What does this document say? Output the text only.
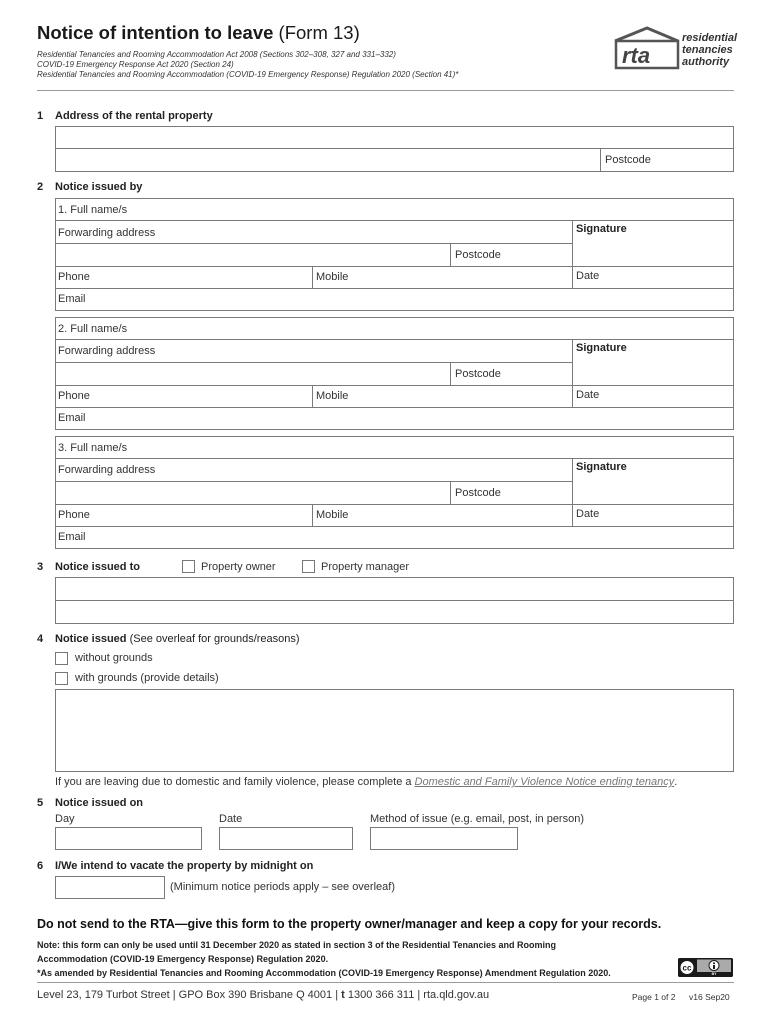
Notice of intention to leave (Form 13)
Residential Tenancies and Rooming Accommodation Act 2008 (Sections 302–308, 327 and 331–332)
COVID-19 Emergency Response Act 2020 (Section 24)
Residential Tenancies and Rooming Accommodation (COVID-19 Emergency Response) Regulation 2020 (Section 41)*
rta
residential
tenancies
authority
1 Address of the rental property
Postcode
2 Notice issued by
1. Full name/s
Forwarding address	Signature
Postcode
Phone	Mobile	Date
Email
2. Full name/s
Forwarding address	Signature
Postcode
Phone	Mobile	Date
Email
3. Full name/s
Forwarding address	Signature
Postcode
Phone	Mobile	Date
Email
3 Notice issued to	Property owner	Property manager
4 Notice issued (See overleaf for grounds/reasons)
without grounds
with grounds (provide details)
If you are leaving due to domestic and family violence, please complete a Domestic and Family Violence Notice ending tenancy.
5 Notice issued on
Day	Date	Method of issue (e.g. email, post, in person)
6 I/We intend to vacate the property by midnight on
(Minimum notice periods apply – see overleaf)
Do not send to the RTA—give this form to the property owner/manager and keep a copy for your records.
Note: this form can only be used until 31 December 2020 as stated in section 3 of the Residential Tenancies and Rooming
Accommodation (COVID-19 Emergency Response) Regulation 2020.
*As amended by Residential Tenancies and Rooming Accommodation (COVID-19 Emergency Response) Amendment Regulation 2020.	cc
BY
Level 23, 179 Turbot Street | GPO Box 390 Brisbane Q 4001 | t 1300 366 311 | rta.qld.gov.au	Page 1 of 2 v16 Sep20
